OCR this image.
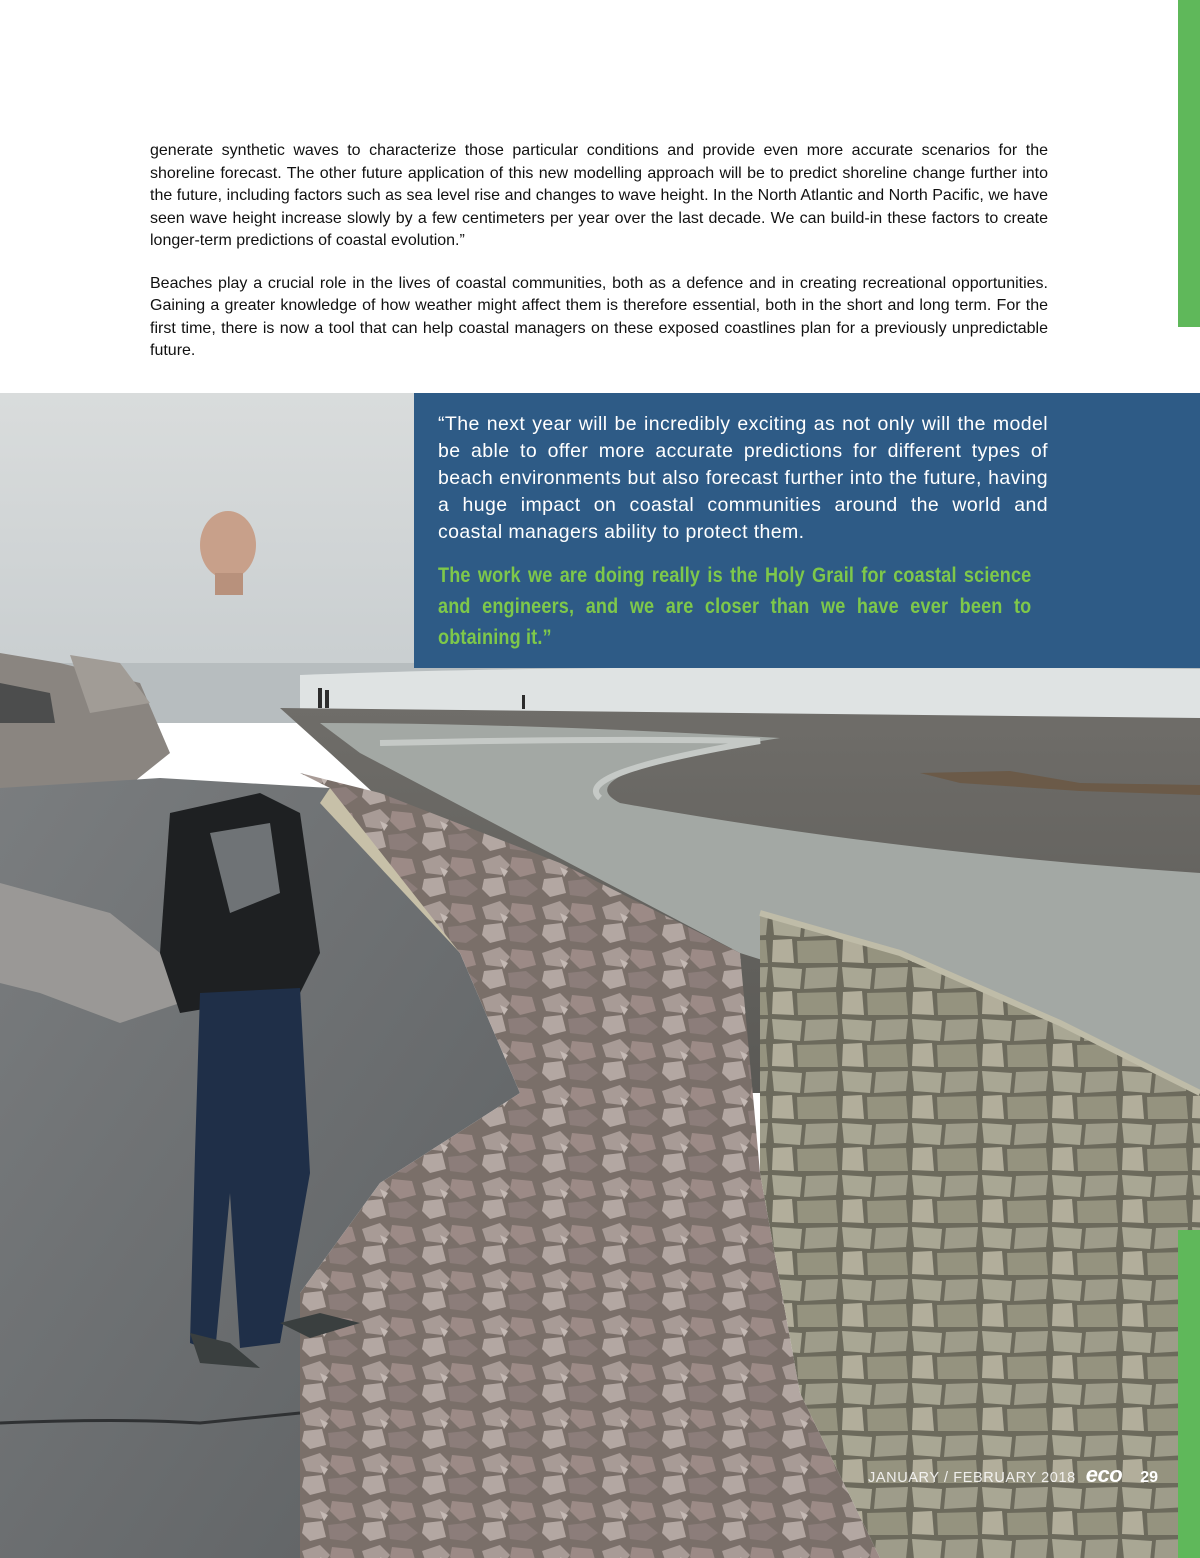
generate synthetic waves to characterize those particular conditions and provide even more accurate scenarios for the shoreline forecast. The other future application of this new modelling approach will be to predict shoreline change further into the future, including factors such as sea level rise and changes to wave height. In the North Atlantic and North Pacific, we have seen wave height increase slowly by a few centimeters per year over the last decade. We can build-in these factors to create longer-term predictions of coastal evolution.”

Beaches play a crucial role in the lives of coastal communities, both as a defence and in creating recreational opportunities. Gaining a greater knowledge of how weather might affect them is therefore essential, both in the short and long term. For the first time, there is now a tool that can help coastal managers on these exposed coastlines plan for a previously unpredictable future.

“The next year will be incredibly exciting as not only will the model be able to offer more accurate predictions for different types of beach environments but also forecast further into the future, having a huge impact on coastal communities around the world and coastal managers ability to protect them.

The work we are doing really is the Holy Grail for coastal science and engineers, and we are closer than we have ever been to obtaining it.”

JANUARY / FEBRUARY 2018 eco 29
